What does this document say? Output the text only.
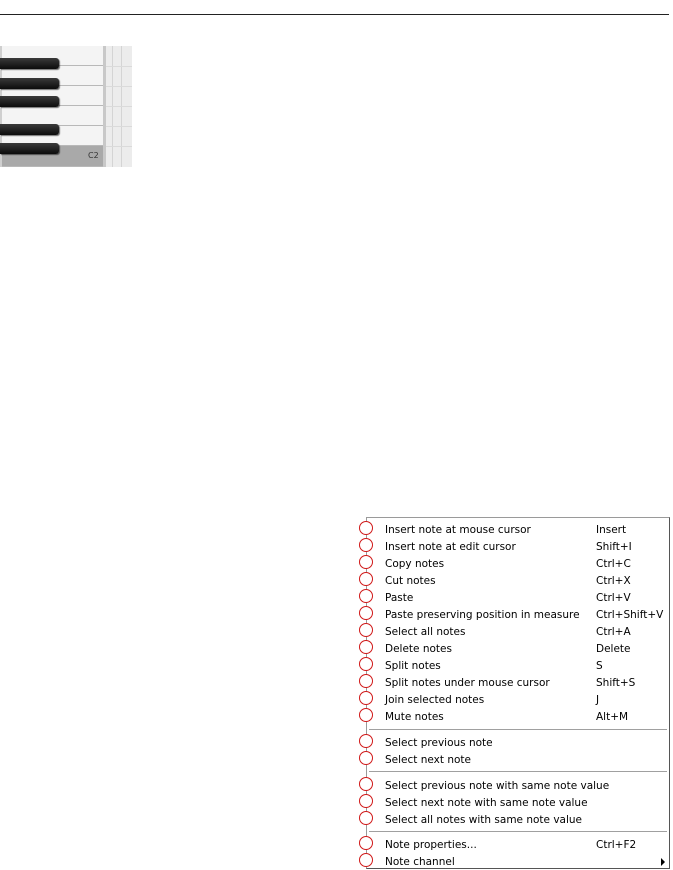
C2
Insert note at mouse cursor	Insert
Insert note at edit cursor	Shift+I
Copy notes	Ctrl+C
Cut notes	Ctrl+X
Paste	Ctrl+V
Paste preserving position in measure Ctrl+Shift+V
Select all notes	Ctrl+A
Delete notes	Delete
Split notes	S
Split notes under mouse cursor	Shift+S
Join selected notes	J
Mute notes	Alt+M
Select previous note
Select next note
Select previous note with same note value
Select next note with same note value
Select all notes with same note value
Note properties...	Ctrl+F2
Note channel
